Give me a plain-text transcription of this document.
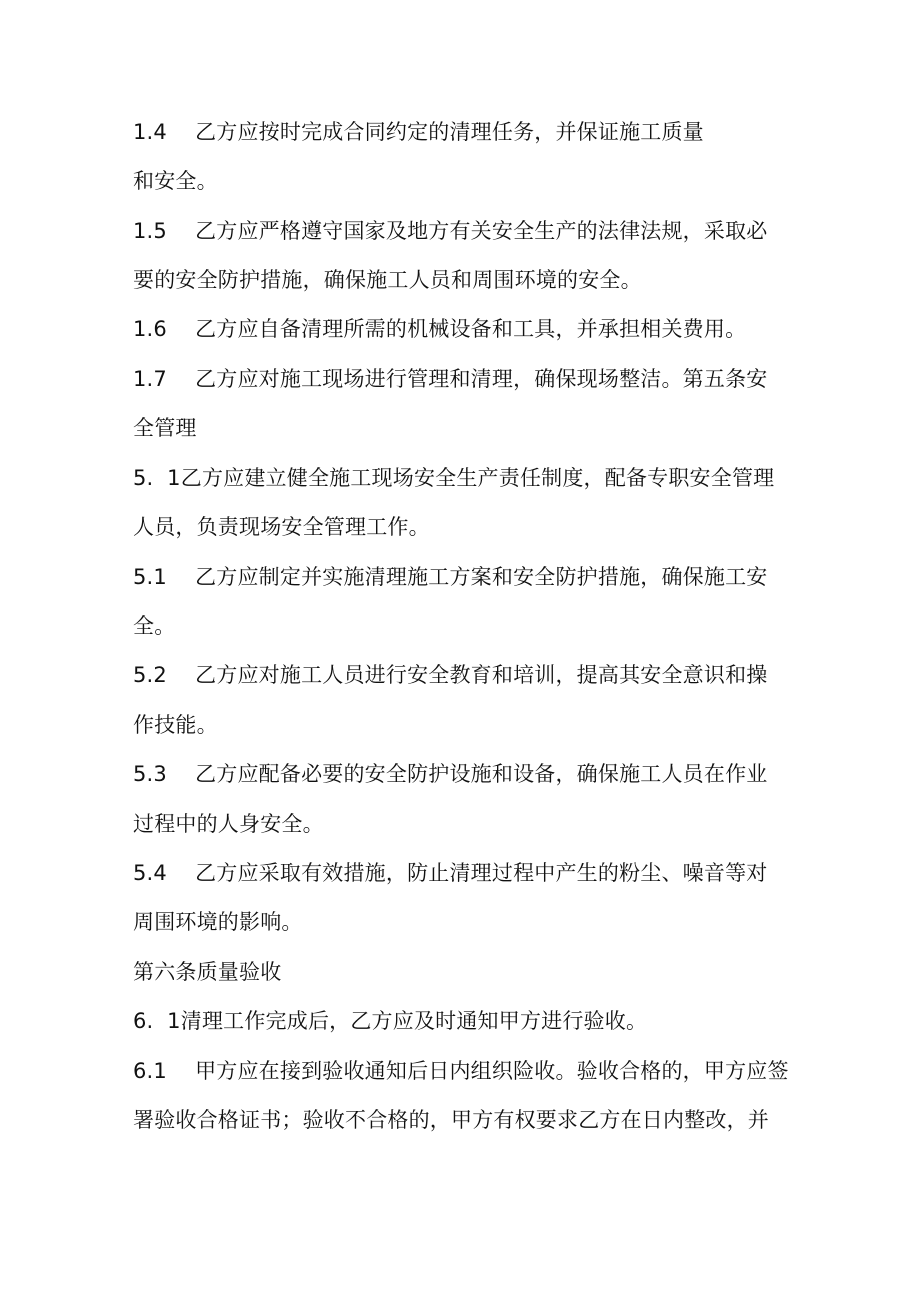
1.4　 乙方应按时完成合同约定的清理任务，并保证施工质量
和安全。
1.5　 乙方应严格遵守国家及地方有关安全生产的法律法规，采取必
要的安全防护措施，确保施工人员和周围环境的安全。
1.6　 乙方应自备清理所需的机械设备和工具，并承担相关费用。
1.7　 乙方应对施工现场进行管理和清理，确保现场整洁。第五条安
全管理
5.  1乙方应建立健全施工现场安全生产责任制度，配备专职安全管理
人员，负责现场安全管理工作。
5.1　 乙方应制定并实施清理施工方案和安全防护措施，确保施工安
全。
5.2　 乙方应对施工人员进行安全教育和培训，提高其安全意识和操
作技能。
5.3　 乙方应配备必要的安全防护设施和设备，确保施工人员在作业
过程中的人身安全。
5.4　 乙方应采取有效措施，防止清理过程中产生的粉尘、噪音等对
周围环境的影响。
第六条质量验收
6.  1清理工作完成后，乙方应及时通知甲方进行验收。
6.1　 甲方应在接到验收通知后日内组织险收。验收合格的，甲方应签
署验收合格证书；验收不合格的，甲方有权要求乙方在日内整改，并
